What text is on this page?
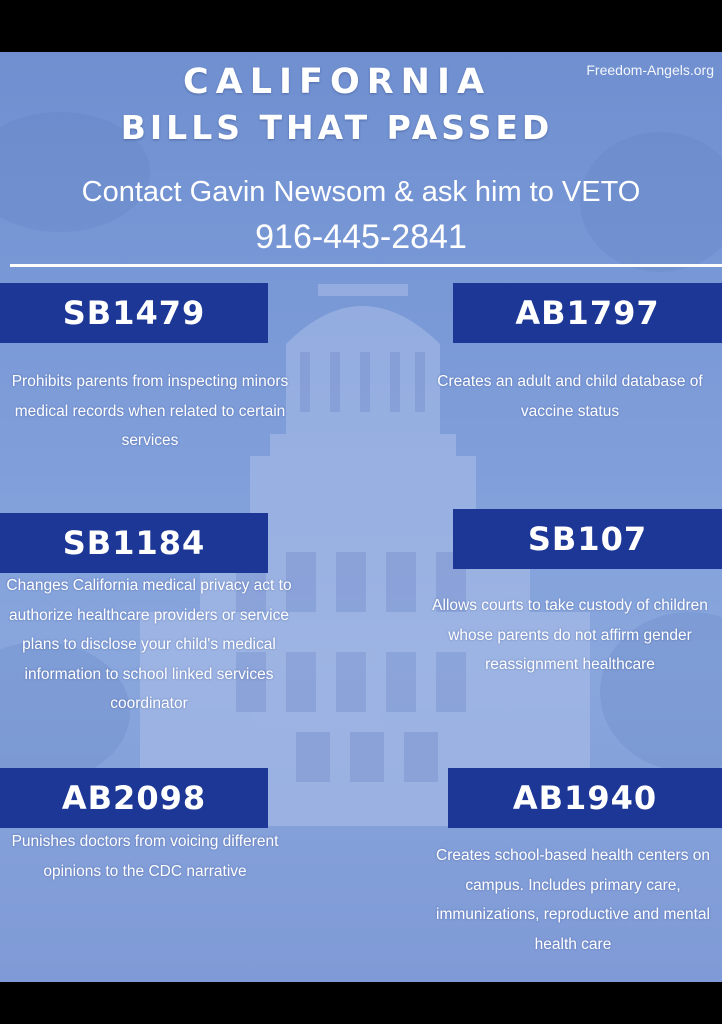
Freedom-Angels.org
CALIFORNIA
BILLS THAT PASSED
Contact Gavin Newsom & ask him to VETO
916-445-2841
SB1479
Prohibits parents from inspecting minors medical records when related to certain services
AB1797
Creates an adult and child database of vaccine status
SB1184
Changes California medical privacy act to authorize healthcare providers or service plans to disclose your child's medical information to school linked services coordinator
SB107
Allows courts to take custody of children whose parents do not affirm gender reassignment healthcare
AB2098
Punishes doctors from voicing different opinions to the CDC narrative
AB1940
Creates school-based health centers on campus. Includes primary care, immunizations, reproductive and mental health care
